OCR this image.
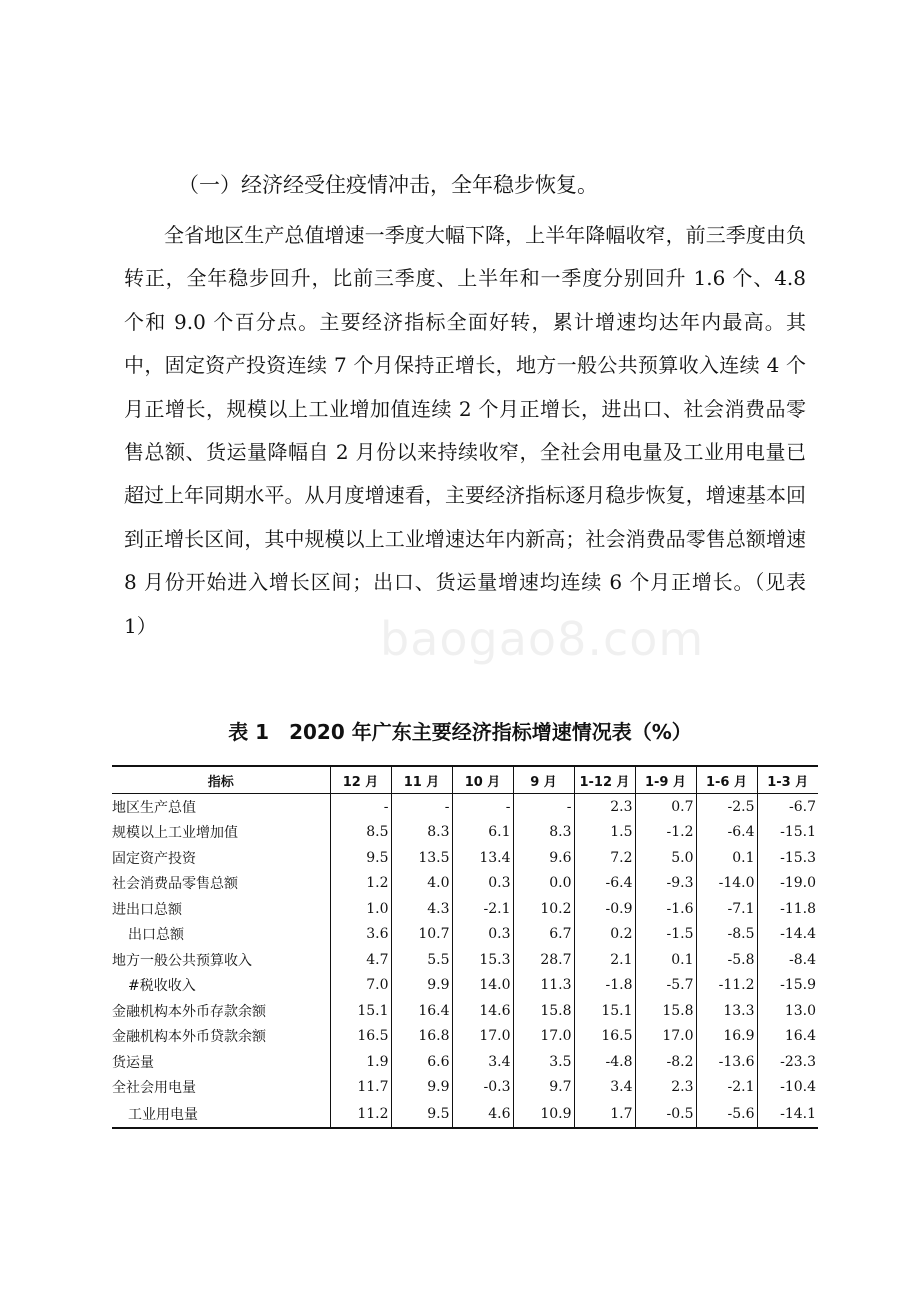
baogao8.com
（一）经济经受住疫情冲击，全年稳步恢复。
全省地区生产总值增速一季度大幅下降，上半年降幅收窄，前三季度由负转正，全年稳步回升，比前三季度、上半年和一季度分别回升 1.6 个、4.8 个和 9.0 个百分点。主要经济指标全面好转，累计增速均达年内最高。其中，固定资产投资连续 7 个月保持正增长，地方一般公共预算收入连续 4 个月正增长，规模以上工业增加值连续 2 个月正增长，进出口、社会消费品零售总额、货运量降幅自 2 月份以来持续收窄，全社会用电量及工业用电量已超过上年同期水平。从月度增速看，主要经济指标逐月稳步恢复，增速基本回到正增长区间，其中规模以上工业增速达年内新高；社会消费品零售总额增速 8 月份开始进入增长区间；出口、货运量增速均连续 6 个月正增长。（见表 1）
表 1　2020 年广东主要经济指标增速情况表（%）
指标	12 月	11 月	10 月	9 月	1-12 月	1-9 月	1-6 月	1-3 月
地区生产总值	-	-	-	-	2.3	0.7	-2.5	-6.7
规模以上工业增加值	8.5	8.3	6.1	8.3	1.5	-1.2	-6.4	-15.1
固定资产投资	9.5	13.5	13.4	9.6	7.2	5.0	0.1	-15.3
社会消费品零售总额	1.2	4.0	0.3	0.0	-6.4	-9.3	-14.0	-19.0
进出口总额	1.0	4.3	-2.1	10.2	-0.9	-1.6	-7.1	-11.8
出口总额	3.6	10.7	0.3	6.7	0.2	-1.5	-8.5	-14.4
地方一般公共预算收入	4.7	5.5	15.3	28.7	2.1	0.1	-5.8	-8.4
#税收收入	7.0	9.9	14.0	11.3	-1.8	-5.7	-11.2	-15.9
金融机构本外币存款余额	15.1	16.4	14.6	15.8	15.1	15.8	13.3	13.0
金融机构本外币贷款余额	16.5	16.8	17.0	17.0	16.5	17.0	16.9	16.4
货运量	1.9	6.6	3.4	3.5	-4.8	-8.2	-13.6	-23.3
全社会用电量	11.7	9.9	-0.3	9.7	3.4	2.3	-2.1	-10.4
工业用电量	11.2	9.5	4.6	10.9	1.7	-0.5	-5.6	-14.1
